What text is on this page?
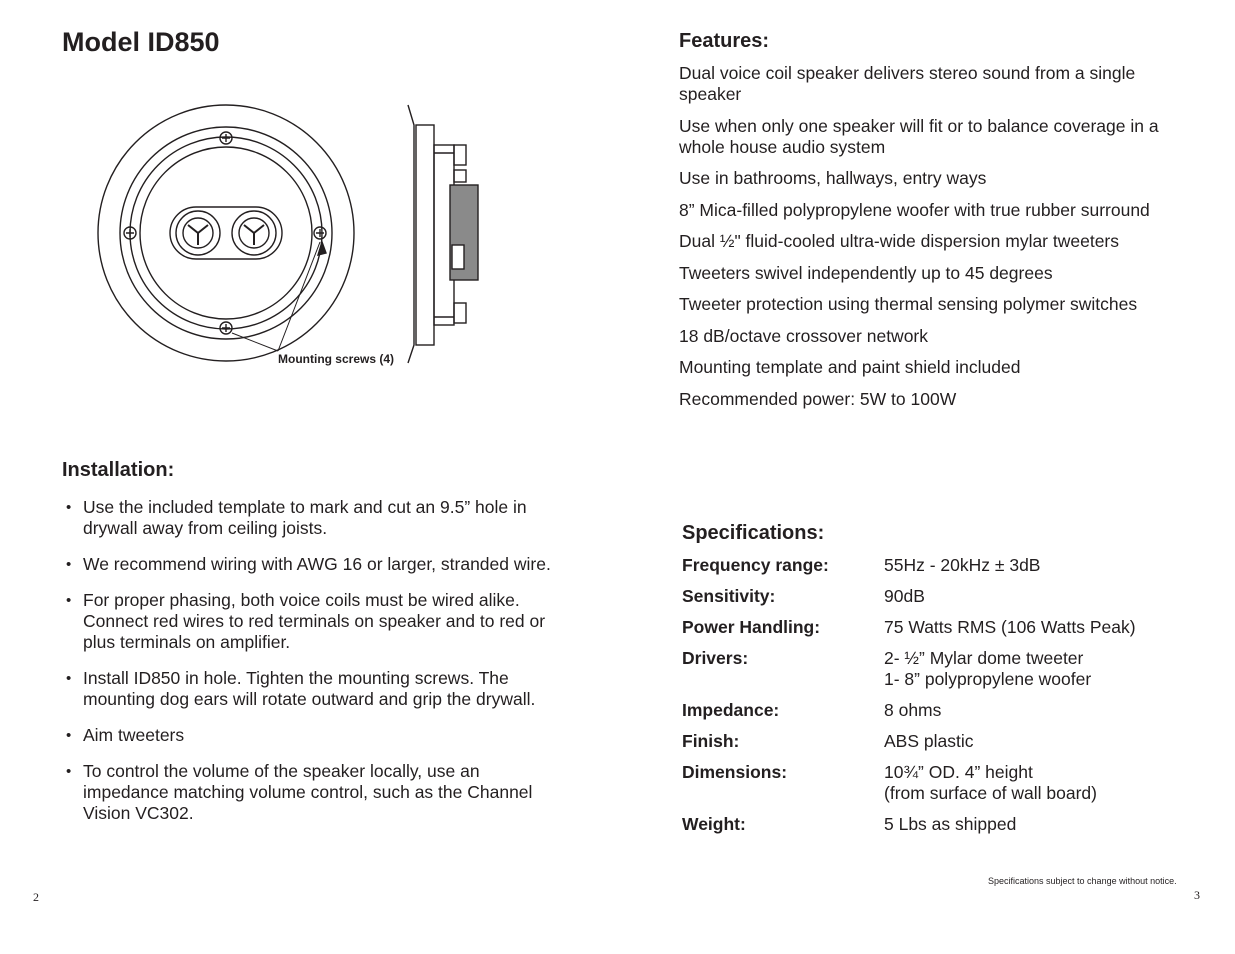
Model ID850
Mounting screws (4)
Installation:
• Use the included template to mark and cut an 9.5” hole in drywall away from ceiling joists.
• We recommend wiring with AWG 16 or larger, stranded wire.
• For proper phasing, both voice coils must be wired alike. Connect red wires to red terminals on speaker and to red or plus terminals on amplifier.
• Install ID850 in hole. Tighten the mounting screws. The mounting dog ears will rotate outward and grip the drywall.
• Aim tweeters
• To control the volume of the speaker locally, use an impedance matching volume control, such as the Channel Vision VC302.
2
Features:
Dual voice coil speaker delivers stereo sound from a single speaker
Use when only one speaker will fit or to balance coverage in a whole house audio system
Use in bathrooms, hallways, entry ways
8” Mica-filled polypropylene woofer with true rubber surround
Dual ½" fluid-cooled ultra-wide dispersion mylar tweeters
Tweeters swivel independently up to 45 degrees
Tweeter protection using thermal sensing polymer switches
18 dB/octave crossover network
Mounting template and paint shield included
Recommended power: 5W to 100W
Specifications:
Frequency range:	55Hz - 20kHz ± 3dB
Sensitivity:	90dB
Power Handling:	75 Watts RMS (106 Watts Peak)
Drivers:	2- ½” Mylar dome tweeter
1- 8” polypropylene woofer
Impedance:	8 ohms
Finish:	ABS plastic
Dimensions:	10¾” OD. 4” height
(from surface of wall board)
Weight:	5 Lbs as shipped
Specifications subject to change without notice.
3
